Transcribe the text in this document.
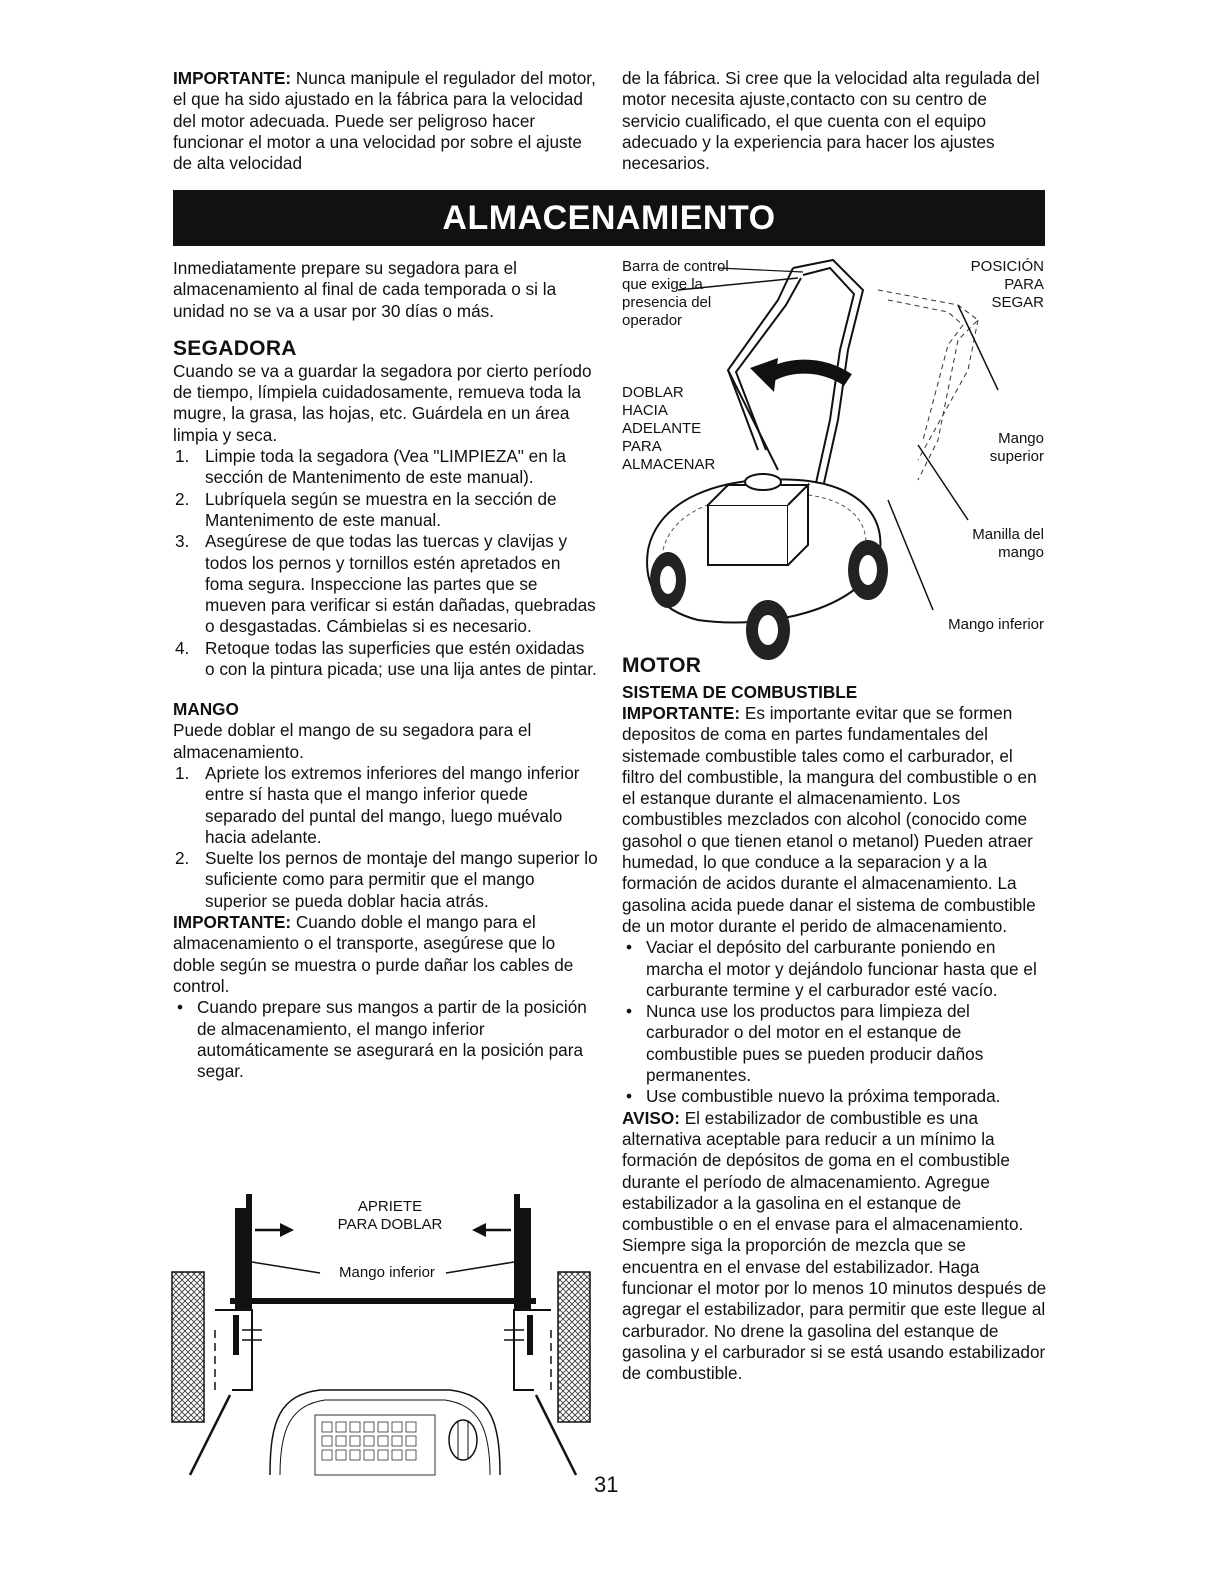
IMPORTANTE: Nunca manipule el regulador del motor, el que ha sido ajustado en la fábrica para la velocidad del motor adecuada. Puede ser peligroso hacer funcionar el motor a una velocidad por sobre el ajuste de alta velocidad

de la fábrica. Si cree que la velocidad alta regulada del motor necesita ajuste,contacto con su centro de servicio cualificado, el que cuenta con el equipo adecuado y la experiencia para hacer los ajustes necesarios.

ALMACENAMIENTO

Inmediatamente prepare su segadora para el almacenamiento al final de cada temporada o si la unidad no se va a usar por 30 días o más.

SEGADORA

Cuando se va a guardar la segadora por cierto período de tiempo, límpiela cuidadosamente, remueva toda la mugre, la grasa, las hojas, etc. Guárdela en un área limpia y seca.

1. Limpie toda la segadora (Vea "LIMPIEZA" en la sección de Mantenimento de este manual).
2. Lubríquela según se muestra en la sección de Mantenimento de este manual.
3. Asegúrese de que todas las tuercas y clavijas y todos los pernos y tornillos estén apretados en foma segura. Inspeccione las partes que se mueven para verificar si están dañadas, quebradas o desgastadas. Cámbielas si es necesario.
4. Retoque todas las superficies que estén oxidadas o con la pintura picada; use una lija antes de pintar.
MANGO

Puede doblar el mango de su segadora para el almacenamiento.

1. Apriete los extremos inferiores del mango inferior entre sí hasta que el mango inferior quede separado del puntal del mango, luego muévalo hacia adelante.
2. Suelte los pernos de montaje del mango superior lo suficiente como para permitir que el mango superior se pueda doblar hacia atrás.

IMPORTANTE: Cuando doble el mango para el almacenamiento o el transporte, asegúrese que lo doble según se muestra o purde dañar los cables de control.

• Cuando prepare sus mangos a partir de la posición de almacenamiento, el mango inferior automáticamente se asegurará en la posición para segar.
APRIETE
PARA DOBLAR
Mango inferior
Barra de control
que exige la
presencia del
operador
POSICIÓN
PARA
SEGAR
DOBLAR
HACIA
ADELANTE
PARA
ALMACENAR
Mango
superior
Manilla del
mango
Mango inferior
MOTOR
SISTEMA DE COMBUSTIBLE

IMPORTANTE: Es importante evitar que se formen depositos de coma en partes fundamentales del sistemade combustible tales como el carburador, el filtro del combustible, la mangura del combustible o en el estanque durante el almacenamiento. Los combustibles mezclados con alcohol (conocido come gasohol o que tienen etanol o metanol) Pueden atraer humedad, lo que conduce a la separacion y a la formación de acidos durante el almacenamiento. La gasolina acida puede danar el sistema de combustible de un motor durante el perido de almacenamiento.

• Vaciar el depósito del carburante poniendo en marcha el motor y dejándolo funcionar hasta que el carburante termine y el carburador esté vacío.
• Nunca use los productos para limpieza del carburador o del motor en el estanque de combustible pues se pueden producir daños permanentes.
• Use combustible nuevo la próxima temporada.

AVISO: El estabilizador de combustible es una alternativa aceptable para reducir a un mínimo la formación de depósitos de goma en el combustible durante el período de almacenamiento. Agregue estabilizador a la gasolina en el estanque de combustible o en el envase para el almacenamiento. Siempre siga la proporción de mezcla que se encuentra en el envase del estabilizador. Haga funcionar el motor por lo menos 10 minutos después de agregar el estabilizador, para permitir que este llegue al carburador. No drene la gasolina del estanque de gasolina y el carburador si se está usando estabilizador de combustible.

31
